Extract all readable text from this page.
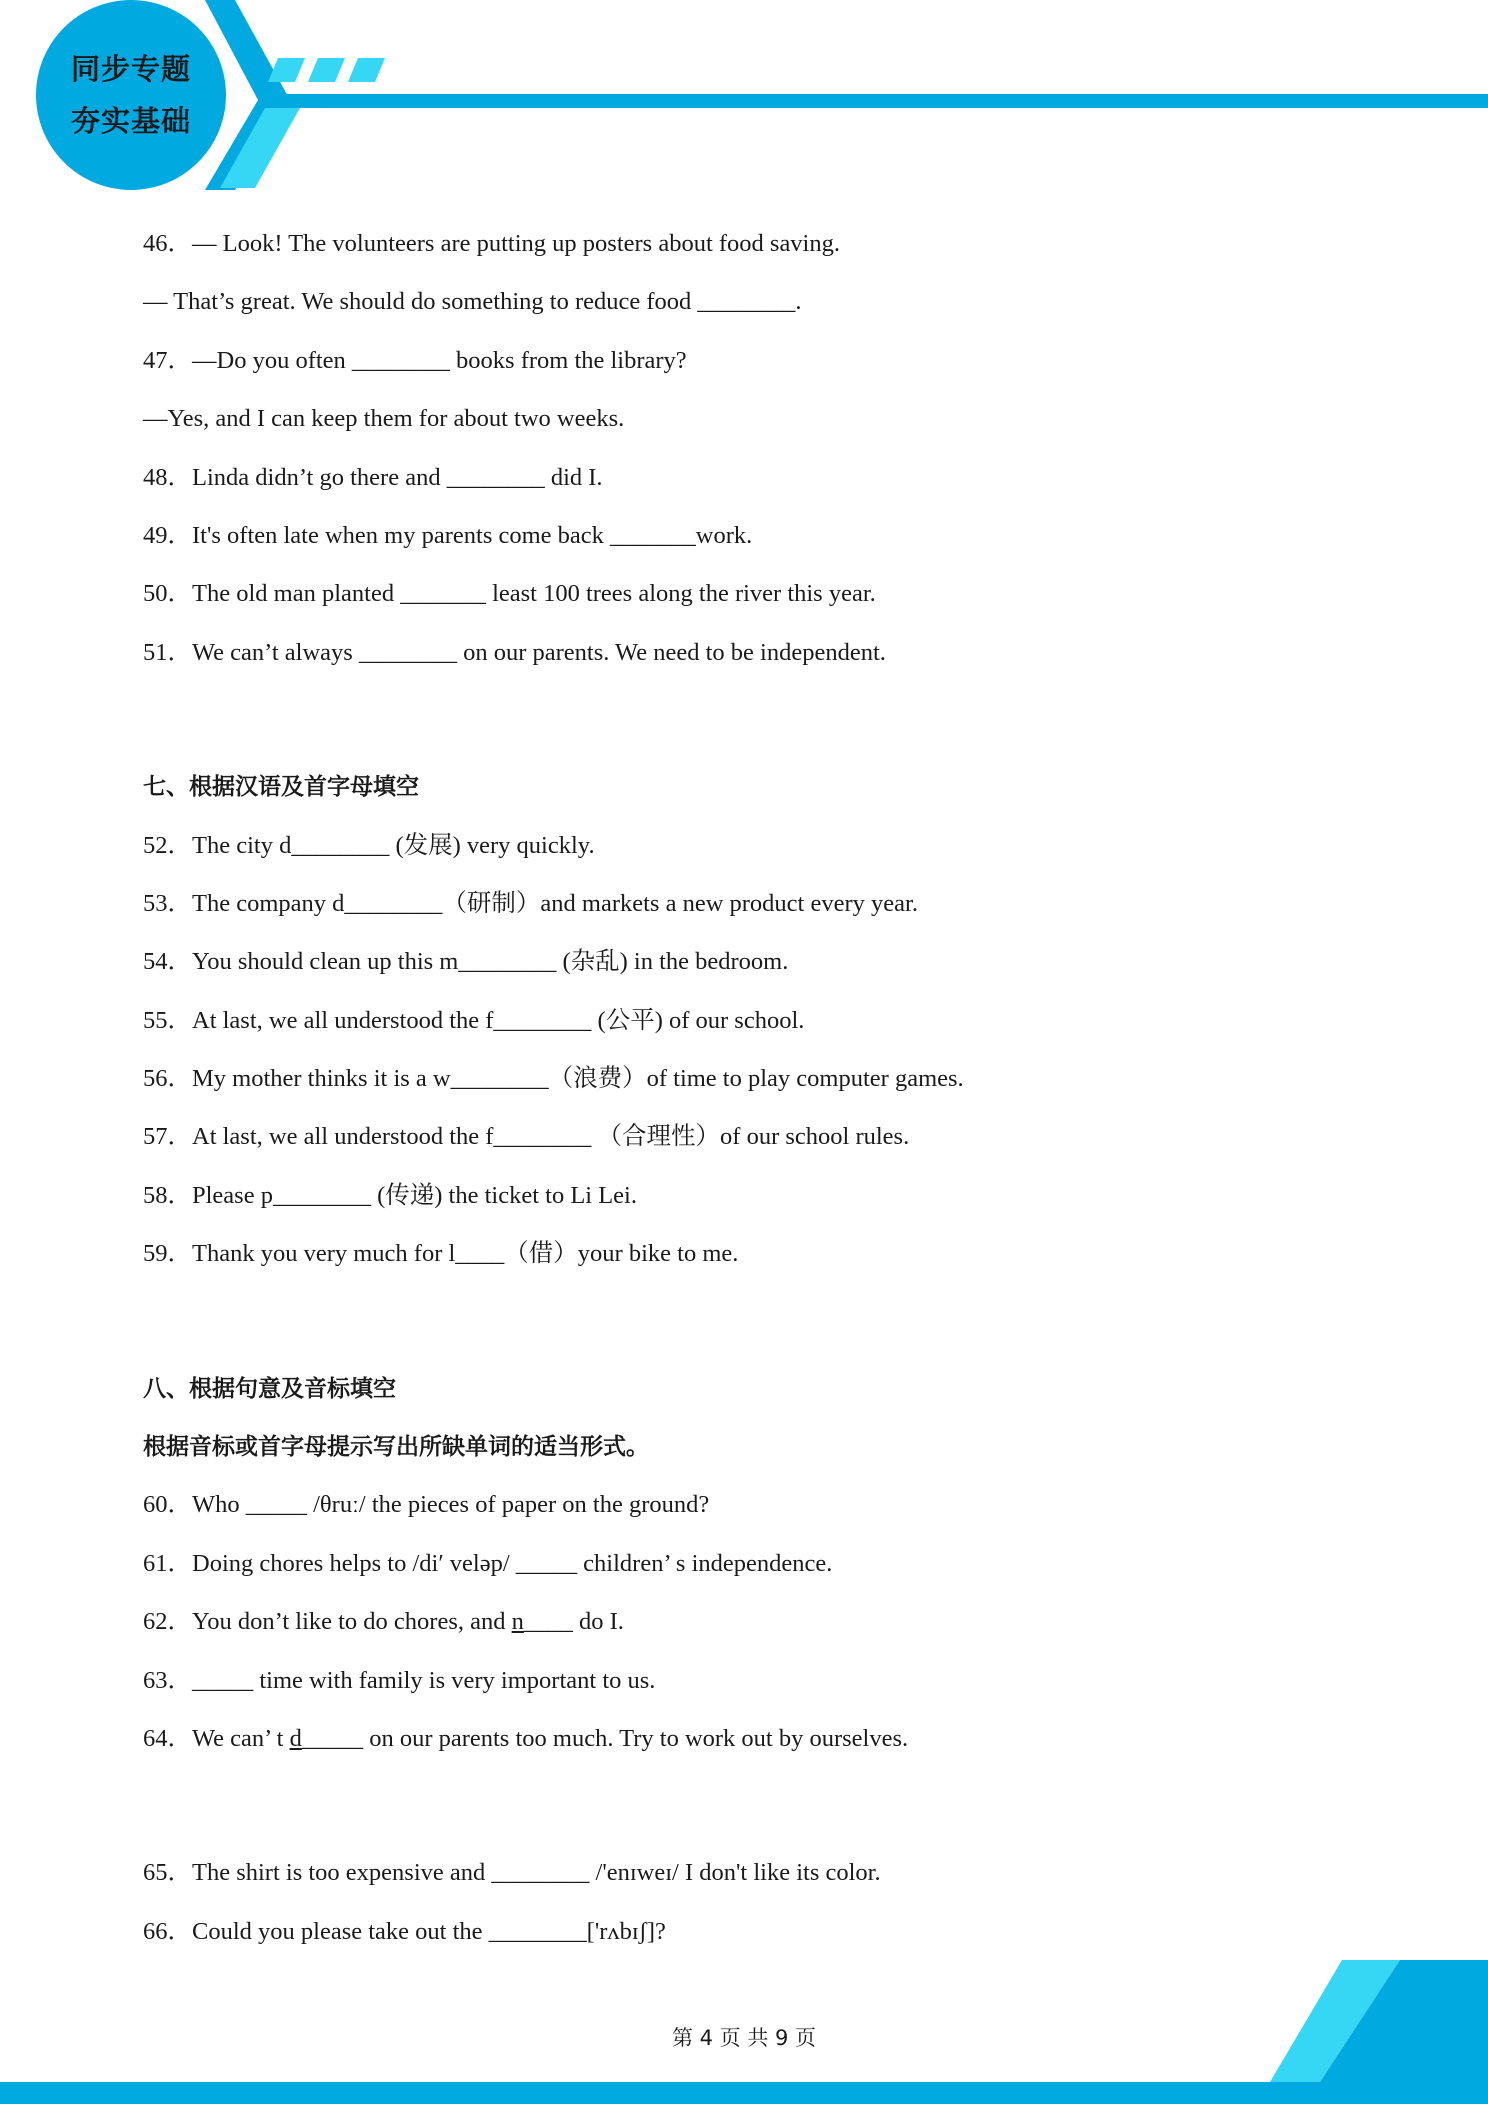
同步专题
夯实基础
46．— Look! The volunteers are putting up posters about food saving.
— That’s great. We should do something to reduce food ________.
47．—Do you often ________ books from the library?
—Yes, and I can keep them for about two weeks.
48．Linda didn’t go there and ________ did I.
49．It's often late when my parents come back _______work.
50．The old man planted _______ least 100 trees along the river this year.
51．We can’t always ________ on our parents. We need to be independent.
七、根据汉语及首字母填空
52．The city d________ (发展) very quickly.
53．The company d________（研制）and markets a new product every year.
54．You should clean up this m________ (杂乱) in the bedroom.
55．At last, we all understood the f________ (公平) of our school.
56．My mother thinks it is a w________（浪费）of time to play computer games.
57．At last, we all understood the f________ （合理性）of our school rules.
58．Please p________ (传递) the ticket to Li Lei.
59．Thank you very much for l____（借）your bike to me.
八、根据句意及音标填空
根据音标或首字母提示写出所缺单词的适当形式。
60．Who _____ /θruː/ the pieces of paper on the ground?
61．Doing chores helps to /di′ veləp/ _____ children’ s independence.
62．You don’t like to do chores, and n____ do I.
63．_____ time with family is very important to us.
64．We can’ t d_____ on our parents too much. Try to work out by ourselves.
65．The shirt is too expensive and ________ /'enɪweɪ/ I don't like its color.
66．Could you please take out the ________['rʌbɪʃ]?
第 4 页 共 9 页
